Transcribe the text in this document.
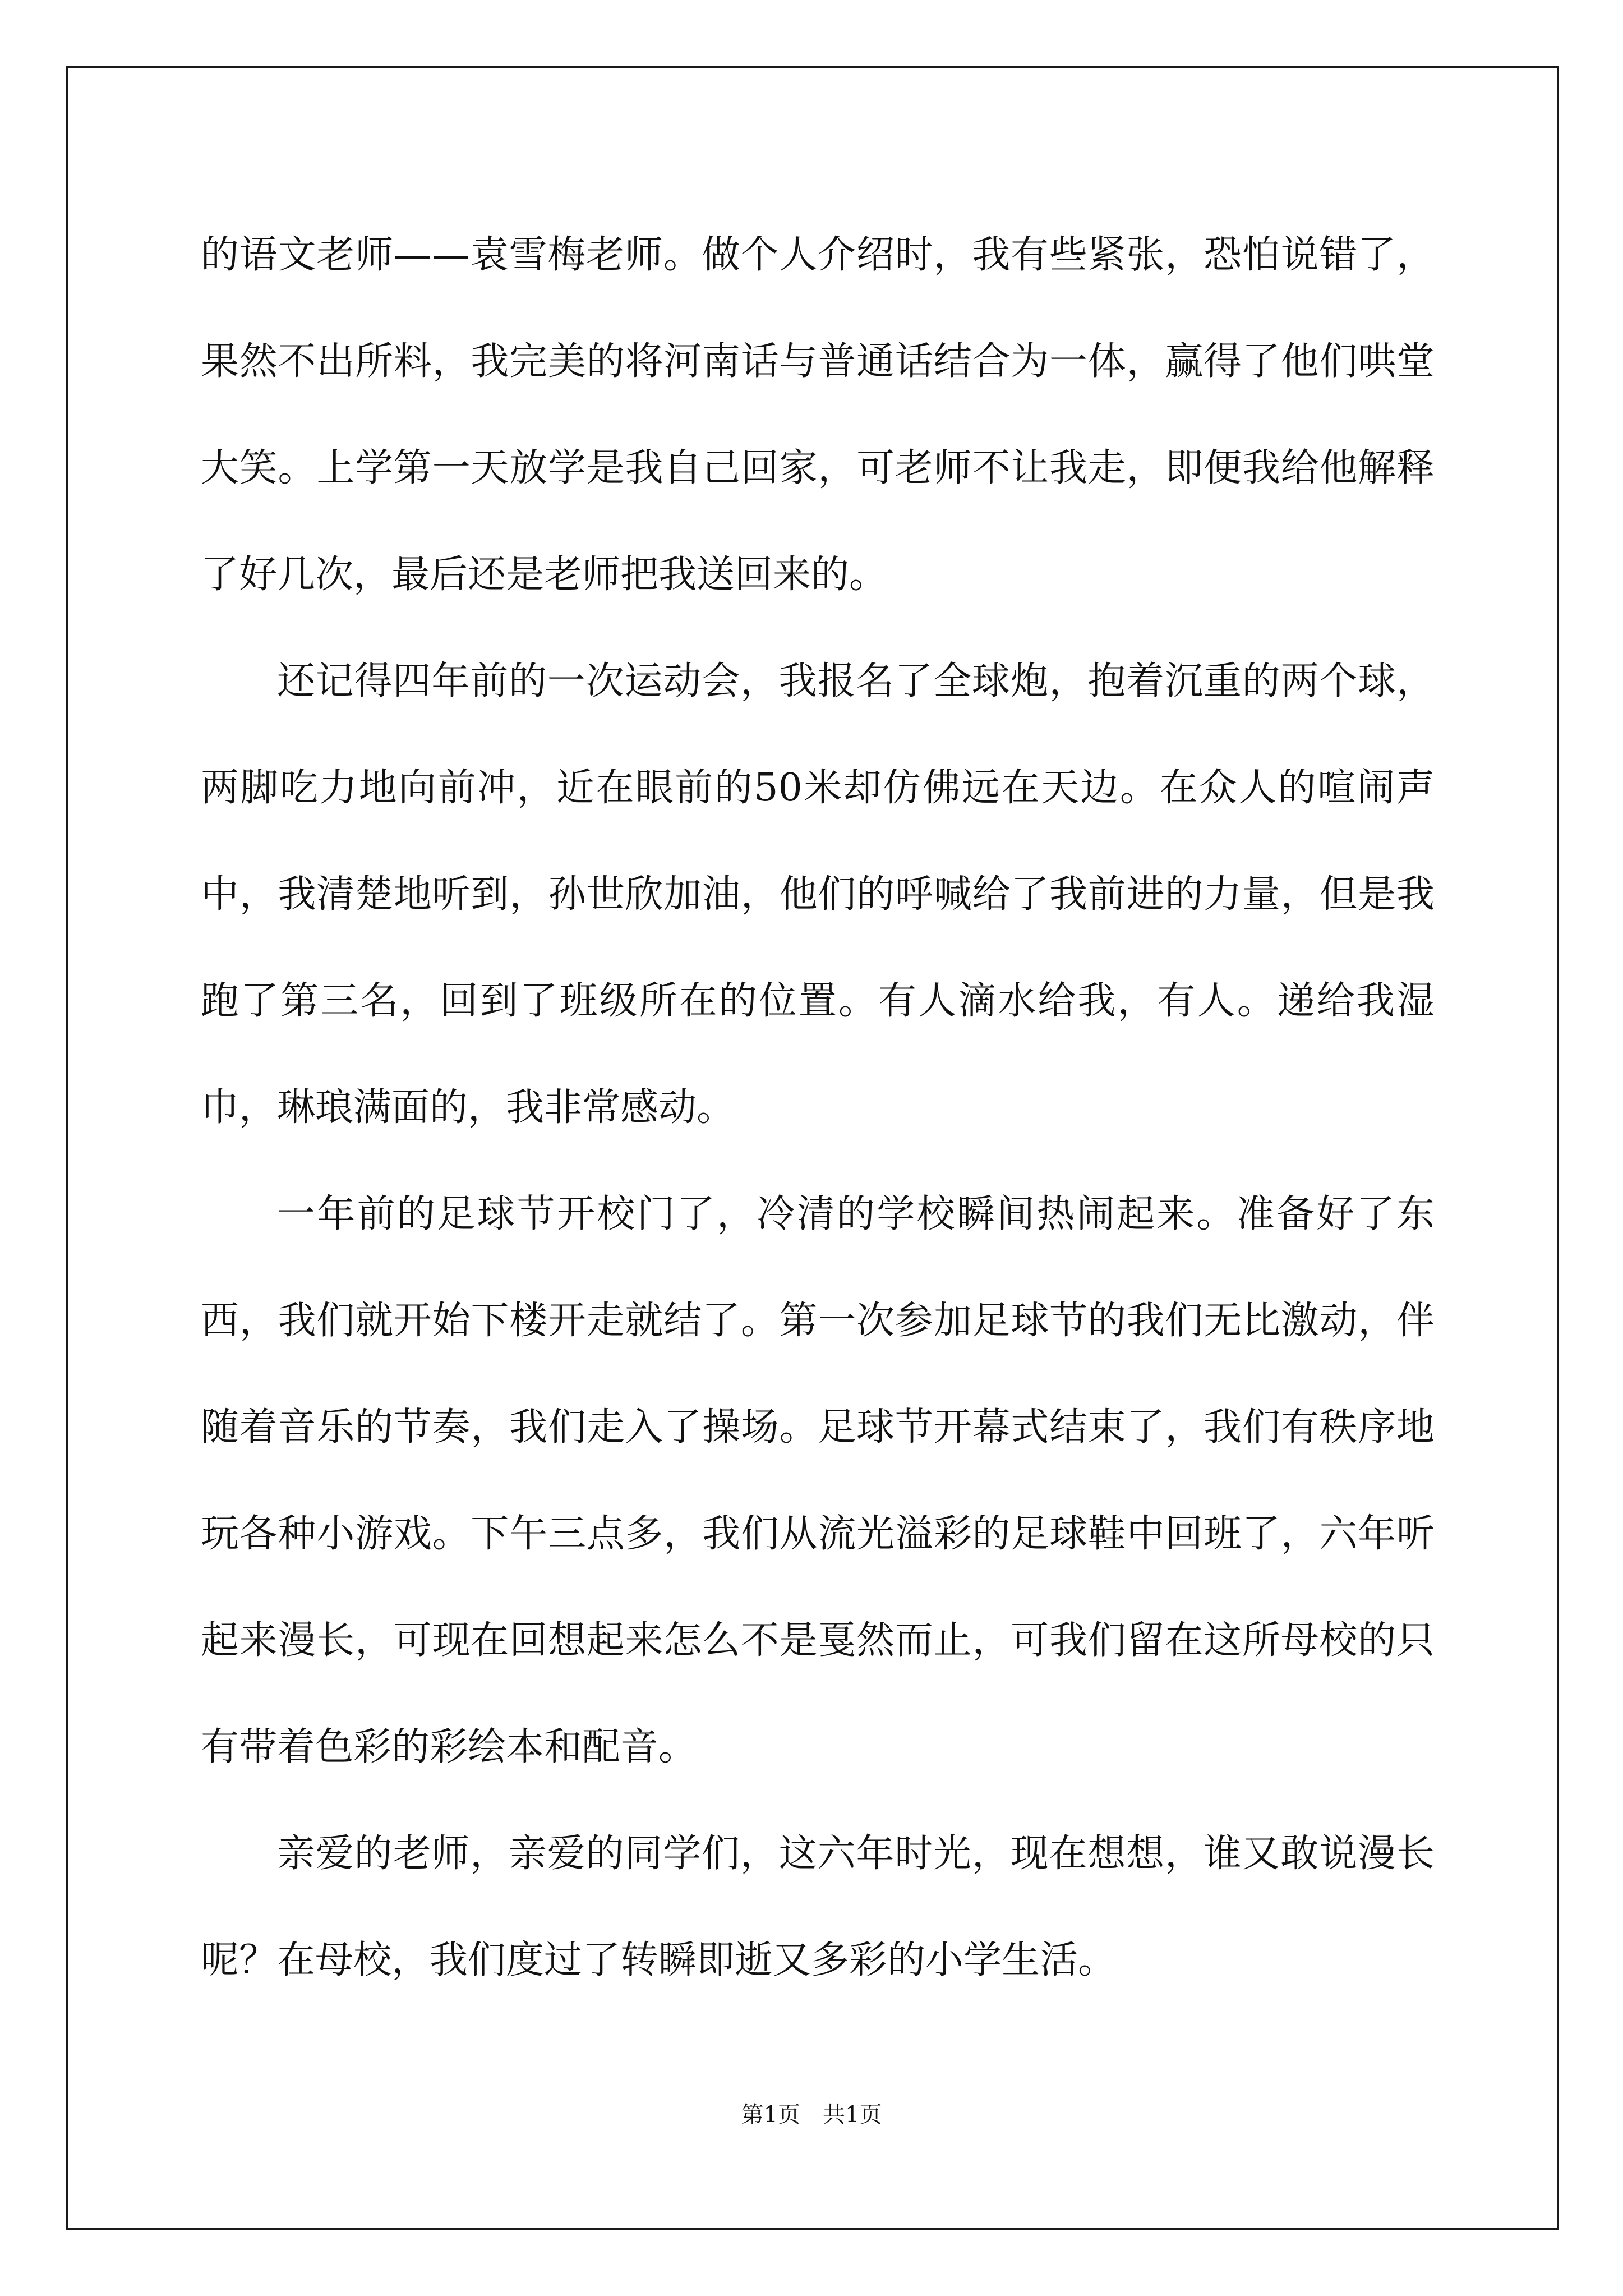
的语文老师——袁雪梅老师。做个人介绍时，我有些紧张，恐怕说错了，果然不出所料，我完美的将河南话与普通话结合为一体，赢得了他们哄堂大笑。上学第一天放学是我自己回家，可老师不让我走，即便我给他解释了好几次，最后还是老师把我送回来的。

还记得四年前的一次运动会，我报名了全球炮，抱着沉重的两个球，两脚吃力地向前冲，近在眼前的50米却仿佛远在天边。在众人的喧闹声中，我清楚地听到，孙世欣加油，他们的呼喊给了我前进的力量，但是我跑了第三名，回到了班级所在的位置。有人滴水给我，有人。递给我湿巾，琳琅满面的，我非常感动。

一年前的足球节开校门了，冷清的学校瞬间热闹起来。准备好了东西，我们就开始下楼开走就结了。第一次参加足球节的我们无比激动，伴随着音乐的节奏，我们走入了操场。足球节开幕式结束了，我们有秩序地玩各种小游戏。下午三点多，我们从流光溢彩的足球鞋中回班了，六年听起来漫长，可现在回想起来怎么不是戛然而止，可我们留在这所母校的只有带着色彩的彩绘本和配音。

亲爱的老师，亲爱的同学们，这六年时光，现在想想，谁又敢说漫长呢？在母校，我们度过了转瞬即逝又多彩的小学生活。

第1页　共1页
